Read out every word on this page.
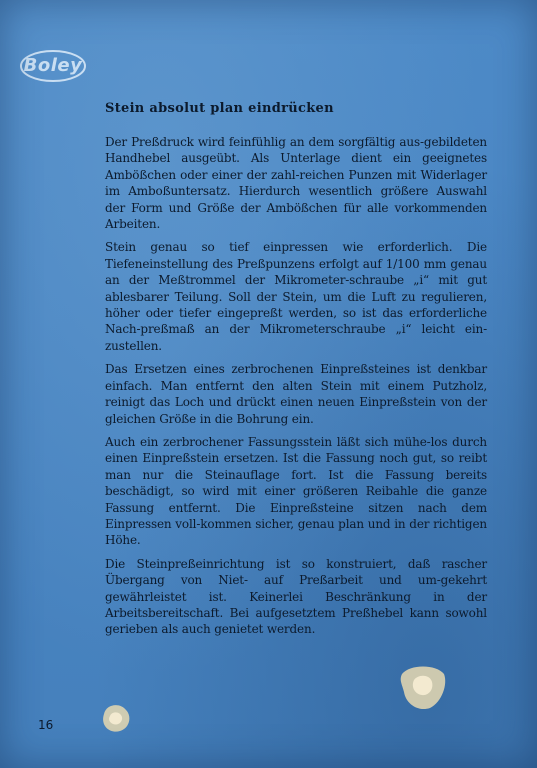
Boley
Stein absolut plan eindrücken

Der Preßdruck wird feinfühlig an dem sorgfältig aus-gebildeten Handhebel ausgeübt. Als Unterlage dient ein geeignetes Ambößchen oder einer der zahl-reichen Punzen mit Widerlager im Amboßuntersatz. Hierdurch wesentlich größere Auswahl der Form und Größe der Ambößchen für alle vorkommenden Arbeiten.

Stein genau so tief einpressen wie erforderlich. Die Tiefeneinstellung des Preßpunzens erfolgt auf 1/100 mm genau an der Meßtrommel der Mikrometer-schraube „i“ mit gut ablesbarer Teilung. Soll der Stein, um die Luft zu regulieren, höher oder tiefer eingepreßt werden, so ist das erforderliche Nach-preßmaß an der Mikrometerschraube „i“ leicht ein-zustellen.

Das Ersetzen eines zerbrochenen Einpreßsteines ist denkbar einfach. Man entfernt den alten Stein mit einem Putzholz, reinigt das Loch und drückt einen neuen Einpreßstein von der gleichen Größe in die Bohrung ein.

Auch ein zerbrochener Fassungsstein läßt sich mühe-los durch einen Einpreßstein ersetzen. Ist die Fassung noch gut, so reibt man nur die Steinauflage fort. Ist die Fassung bereits beschädigt, so wird mit einer größeren Reibahle die ganze Fassung entfernt. Die Einpreßsteine sitzen nach dem Einpressen voll-kommen sicher, genau plan und in der richtigen Höhe.

Die Steinpreßeinrichtung ist so konstruiert, daß rascher Übergang von Niet- auf Preßarbeit und um-gekehrt gewährleistet ist. Keinerlei Beschränkung in der Arbeitsbereitschaft. Bei aufgesetztem Preßhebel kann sowohl gerieben als auch genietet werden.

16
